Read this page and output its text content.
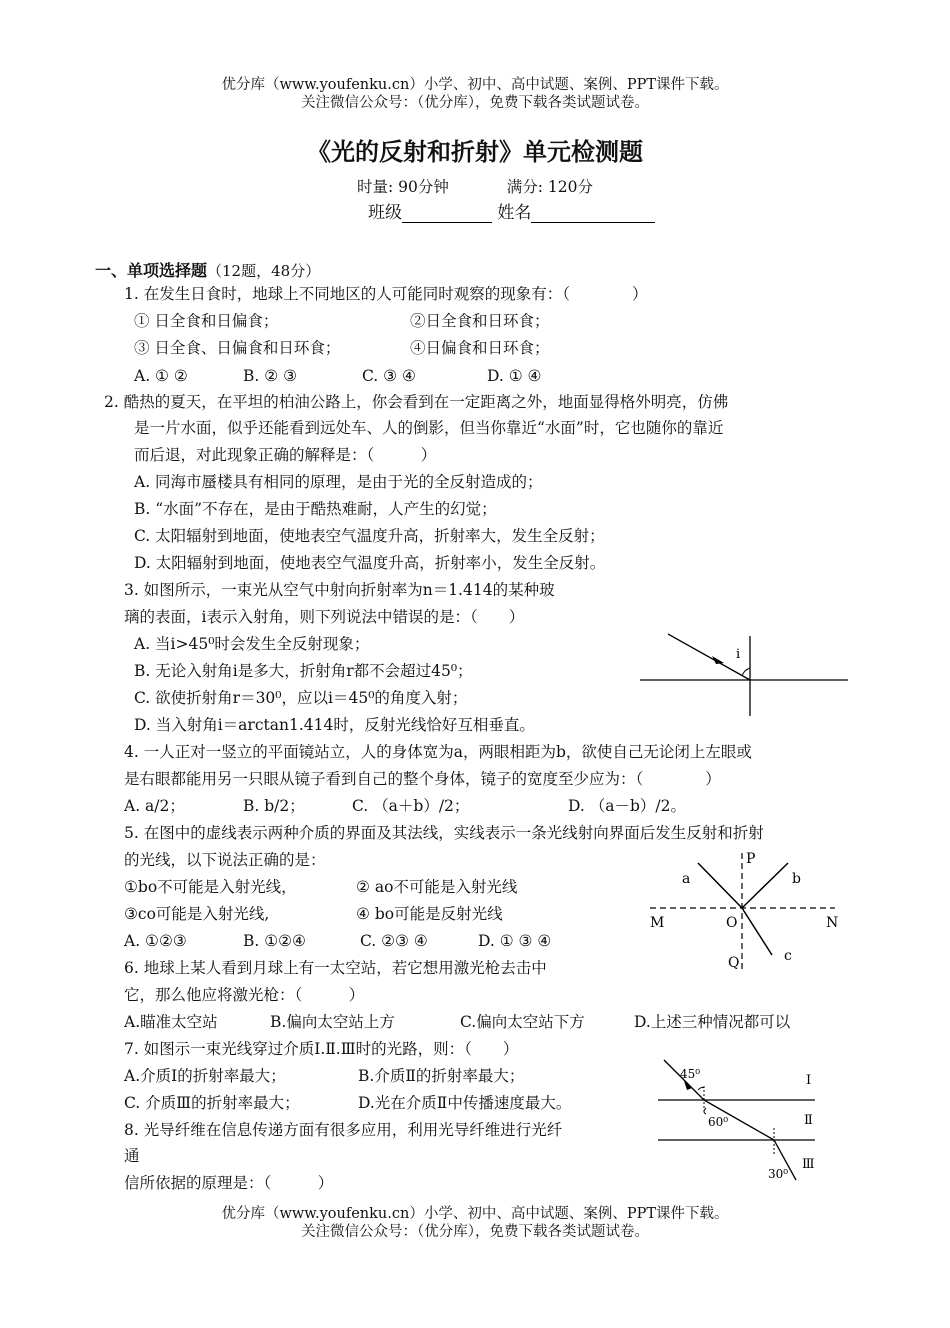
优分库（www.youfenku.cn）小学、初中、高中试题、案例、PPT课件下载。
关注微信公众号：（优分库），免费下载各类试题试卷。
《光的反射和折射》单元检测题
时量: 90分钟	满分: 120分
班级	姓名
一、单项选择题（12题，48分）
1. 在发生日食时，地球上不同地区的人可能同时观察的现象有：（　　　　）
① 日全食和日偏食；	②日全食和日环食；
③ 日全食、日偏食和日环食；	④日偏食和日环食；
A. ① ②	B. ② ③	C. ③ ④	D. ① ④
2. 酷热的夏天，在平坦的柏油公路上，你会看到在一定距离之外，地面显得格外明亮，仿佛
是一片水面，似乎还能看到远处车、人的倒影，但当你靠近“水面”时，它也随你的靠近
而后退，对此现象正确的解释是：（　　　）
A. 同海市蜃楼具有相同的原理，是由于光的全反射造成的；
B. “水面”不存在，是由于酷热难耐，人产生的幻觉；
C. 太阳辐射到地面，使地表空气温度升高，折射率大，发生全反射；
D. 太阳辐射到地面，使地表空气温度升高，折射率小，发生全反射。
3. 如图所示，一束光从空气中射向折射率为n＝1.414的某种玻
璃的表面，i表示入射角，则下列说法中错误的是：（　　）
A. 当i>45⁰时会发生全反射现象；
B. 无论入射角i是多大，折射角r都不会超过45⁰；
C. 欲使折射角r＝30⁰，应以i＝45⁰的角度入射；
D. 当入射角i＝arctan1.414时，反射光线恰好互相垂直。
i
4. 一人正对一竖立的平面镜站立，人的身体宽为a，两眼相距为b，欲使自己无论闭上左眼或
是右眼都能用另一只眼从镜子看到自己的整个身体，镜子的宽度至少应为：（　　　　）
A. a/2；	B. b/2；	C. （a＋b）/2；	D. （a－b）/2。
5. 在图中的虚线表示两种介质的界面及其法线，实线表示一条光线射向界面后发生反射和折射
的光线，以下说法正确的是：
①bo不可能是入射光线，	② ao不可能是入射光线
③co可能是入射光线,	④ bo可能是反射光线
A. ①②③	B. ①②④	C. ②③ ④	D. ① ③ ④
P
Q
M	N
O
a	b
c
6. 地球上某人看到月球上有一太空站，若它想用激光枪去击中
它，那么他应将激光枪：（　　　）
A.瞄准太空站	B.偏向太空站上方	C.偏向太空站下方	D.上述三种情况都可以
7. 如图示一束光线穿过介质Ⅰ.Ⅱ.Ⅲ时的光路，则：（　　）
A.介质Ⅰ的折射率最大；	B.介质Ⅱ的折射率最大；
C. 介质Ⅲ的折射率最大；	D.光在介质Ⅱ中传播速度最大。
45⁰
60⁰
30⁰
Ⅰ
Ⅱ
Ⅲ
8. 光导纤维在信息传递方面有很多应用，利用光导纤维进行光纤
通
信所依据的原理是：（　　　）
优分库（www.youfenku.cn）小学、初中、高中试题、案例、PPT课件下载。
关注微信公众号：（优分库），免费下载各类试题试卷。
